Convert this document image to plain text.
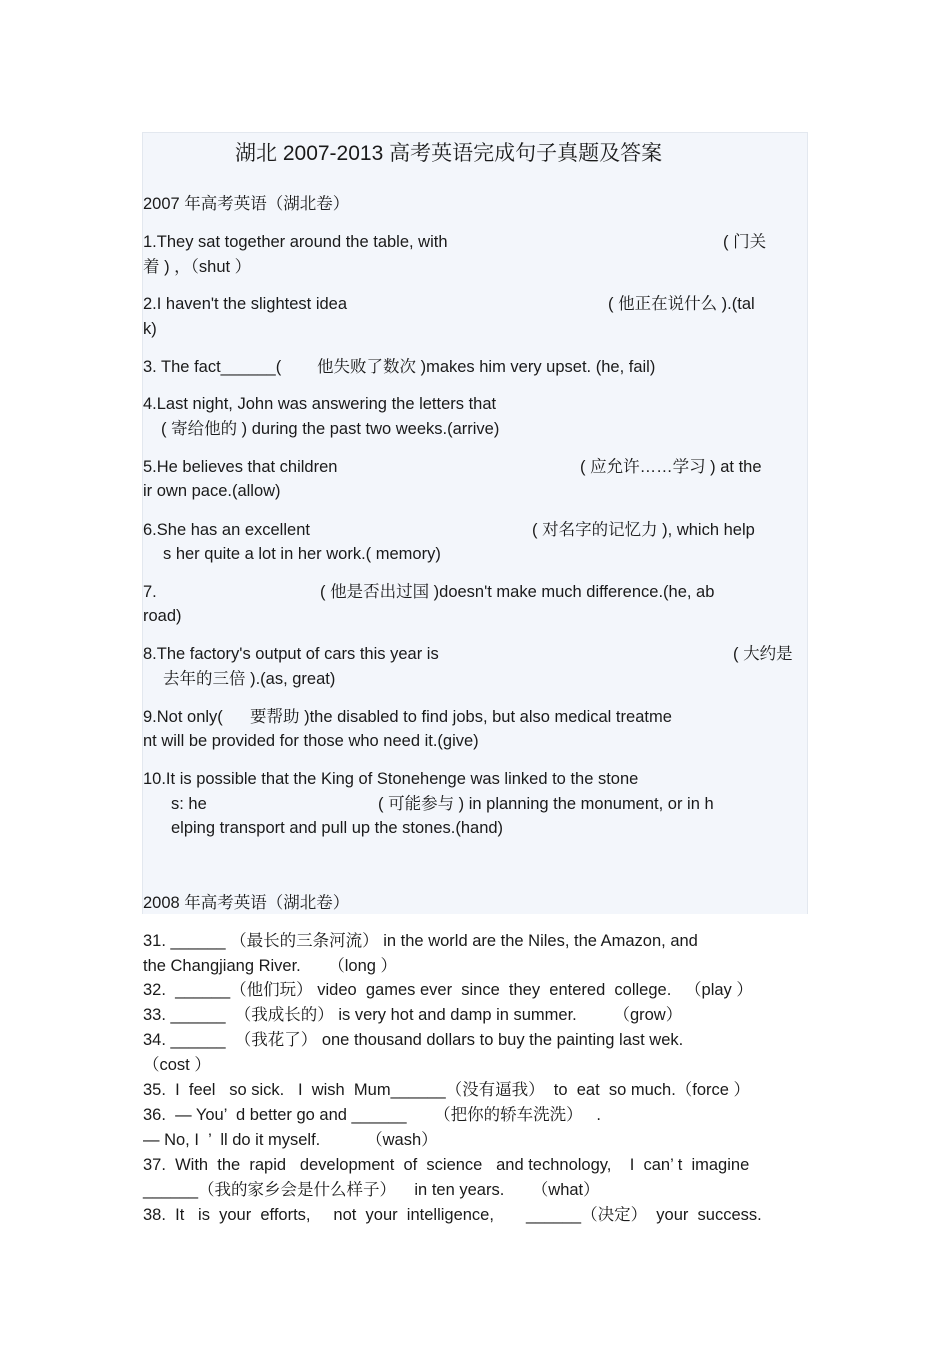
湖北 2007-2013 高考英语完成句子真题及答案
2007 年高考英语（湖北卷）
1.They sat together around the table, with	( 门关
着 ) ，（shut ）
2.I haven't the slightest idea	( 他正在说什么 ).(tal
k)
3. The fact______( 他失败了数次 )makes him very upset. (he, fail)
4.Last night, John was answering the letters that
( 寄给他的 ) during the past two weeks.(arrive)
5.He believes that children	( 应允许……学习 ) at the
ir own pace.(allow)
6.She has an excellent	( 对名字的记忆力 ), which help
s her quite a lot in her work.( memory)
7.	( 他是否出过国 )doesn't make much difference.(he, ab
road)
8.The factory's output of cars this year is	( 大约是
去年的三倍 ).(as, great)
9.Not only( 要帮助 )the disabled to find jobs, but also medical treatme
nt will be provided for those who need it.(give)
10.It is possible that the King of Stonehenge was linked to the stone
s: he	( 可能参与 ) in planning the monument, or in h
elping transport and pull up the stones.(hand)
2008 年高考英语（湖北卷）
31. ______ （最长的三条河流） in the world are the Niles, the Amazon, and
the Changjiang River.      （long ）
32.  ______（他们玩） video  games ever  since  they  entered  college.   （play ）
33. ______  （我成长的） is very hot and damp in summer.        （grow）
34. ______  （我花了） one thousand dollars to buy the painting last wek.
（cost ）
35.  I  feel   so sick.   I  wish  Mum______（没有逼我）  to  eat  so much.（force ）
36.  — You’  d better go and ______      （把你的轿车洗洗）   .
— No, I  ’  ll do it myself.          （wash）
37.  With  the  rapid   development  of  science   and technology,    I  can’ t  imagine
______（我的家乡会是什么样子）    in ten years.      （what）
38.  It   is  your  efforts,     not  your  intelligence,       ______（决定）  your  success.
